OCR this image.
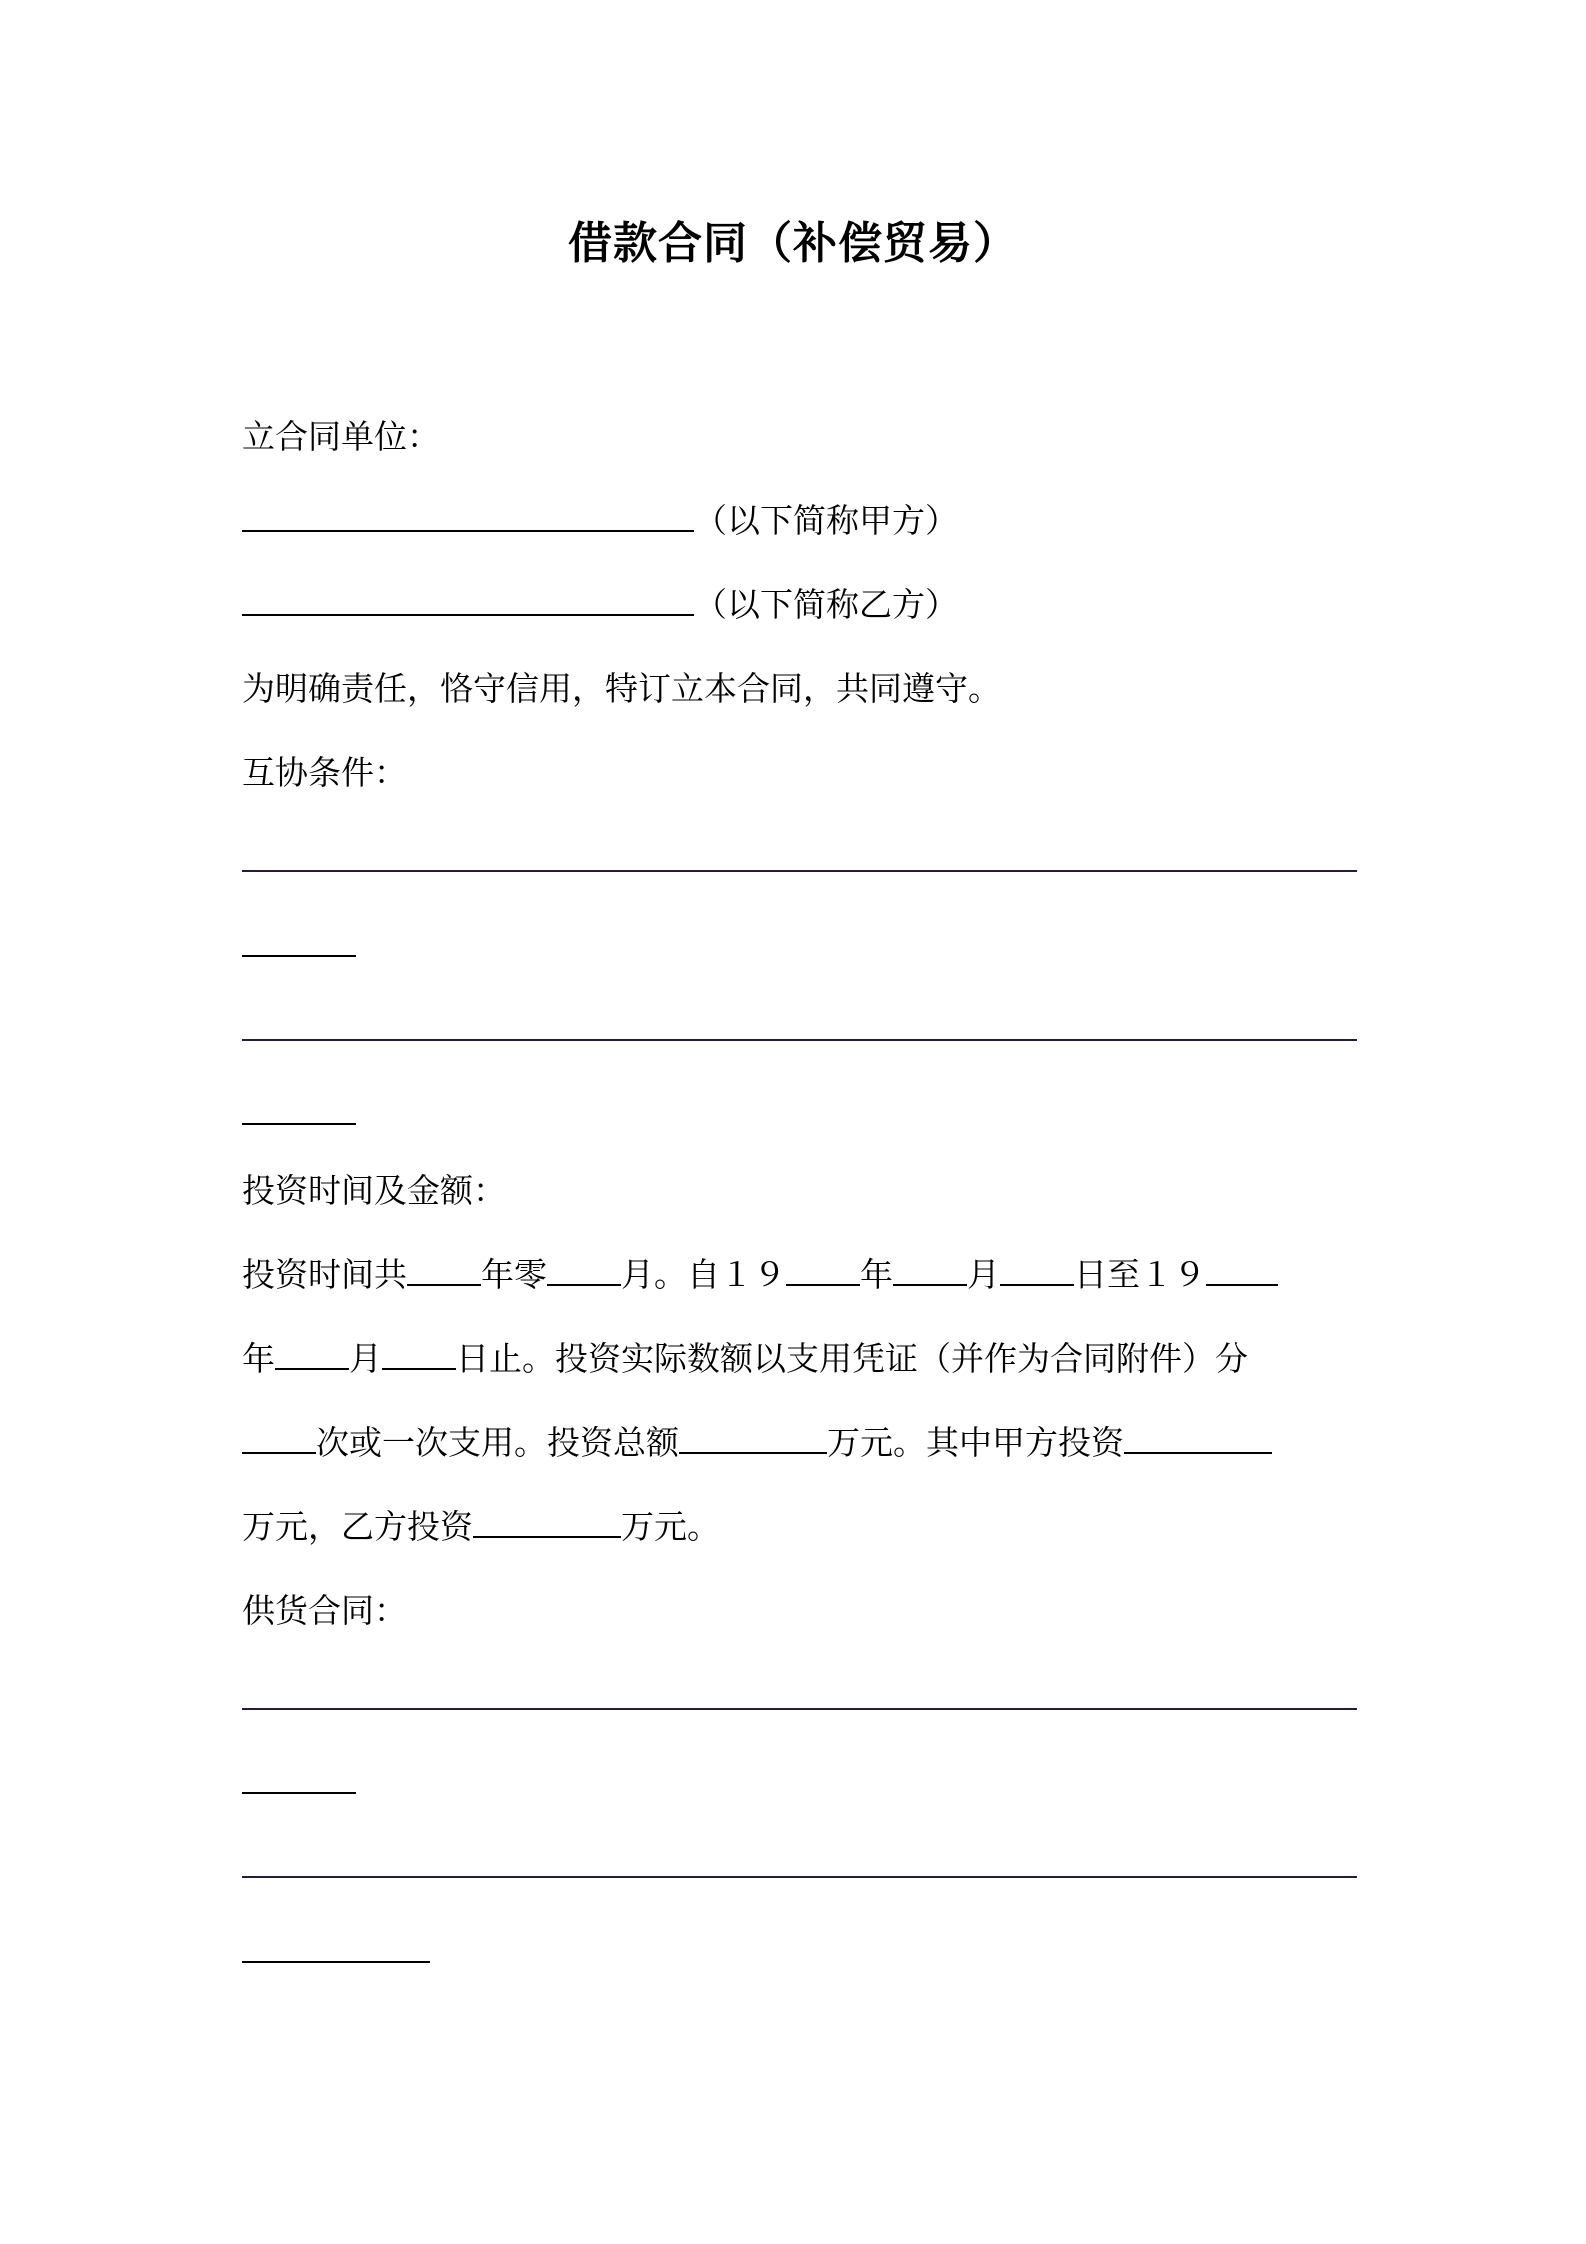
借款合同（补偿贸易）
立合同单位：
（以下简称甲方）
（以下简称乙方）
为明确责任，恪守信用，特订立本合同，共同遵守。
互协条件：
投资时间及金额：
投资时间共 年零 月。自１９ 年 月 日至１９
年 月 日止。投资实际数额以支用凭证（并作为合同附件）分
次或一次支用。投资总额	万元。其中甲方投资
万元，乙方投资	万元。
供货合同：
